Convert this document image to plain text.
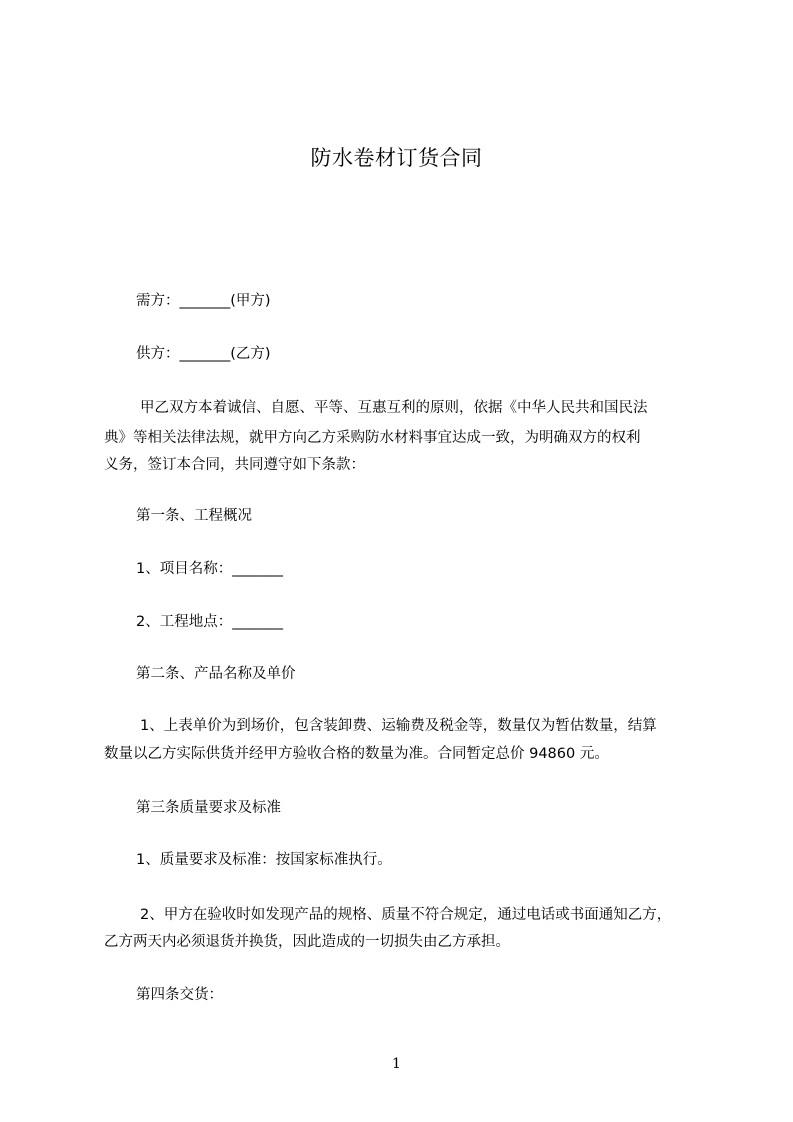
防水卷材订货合同
需方：_______(甲方)
供方：_______(乙方)
甲乙双方本着诚信、自愿、平等、互惠互利的原则，依据《中华人民共和国民法
典》等相关法律法规，就甲方向乙方采购防水材料事宜达成一致，为明确双方的权利
义务，签订本合同，共同遵守如下条款：
第一条、工程概况
1、项目名称：_______
2、工程地点：_______
第二条、产品名称及单价
1、上表单价为到场价，包含装卸费、运输费及税金等，数量仅为暂估数量，结算
数量以乙方实际供货并经甲方验收合格的数量为准。合同暂定总价 94860 元。
第三条质量要求及标准
1、质量要求及标准：按国家标准执行。
2、甲方在验收时如发现产品的规格、质量不符合规定，通过电话或书面通知乙方，
乙方两天内必须退货并换货，因此造成的一切损失由乙方承担。
第四条交货：
1
